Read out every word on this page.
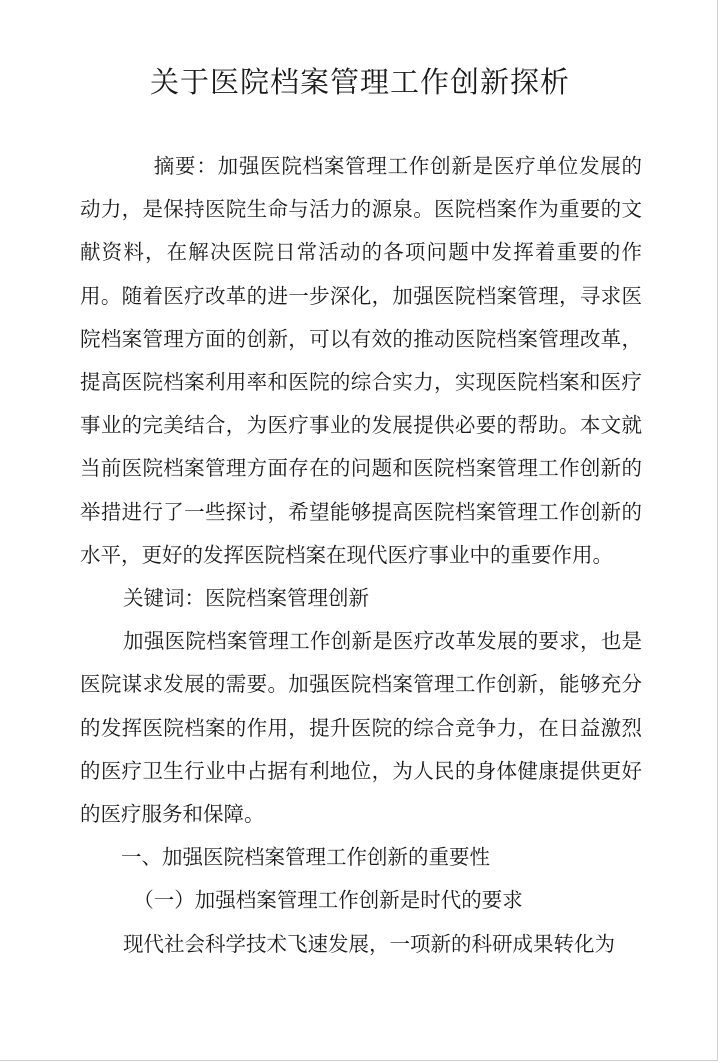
关于医院档案管理工作创新探析

摘要：加强医院档案管理工作创新是医疗单位发展的动力，是保持医院生命与活力的源泉。医院档案作为重要的文献资料，在解决医院日常活动的各项问题中发挥着重要的作用。随着医疗改革的进一步深化，加强医院档案管理，寻求医院档案管理方面的创新，可以有效的推动医院档案管理改革，提高医院档案利用率和医院的综合实力，实现医院档案和医疗事业的完美结合，为医疗事业的发展提供必要的帮助。本文就当前医院档案管理方面存在的问题和医院档案管理工作创新的举措进行了一些探讨，希望能够提高医院档案管理工作创新的水平，更好的发挥医院档案在现代医疗事业中的重要作用。

关键词：医院档案管理创新

加强医院档案管理工作创新是医疗改革发展的要求，也是医院谋求发展的需要。加强医院档案管理工作创新，能够充分的发挥医院档案的作用，提升医院的综合竞争力，在日益激烈的医疗卫生行业中占据有利地位，为人民的身体健康提供更好的医疗服务和保障。

一、加强医院档案管理工作创新的重要性

（一）加强档案管理工作创新是时代的要求

现代社会科学技术飞速发展，一项新的科研成果转化为
